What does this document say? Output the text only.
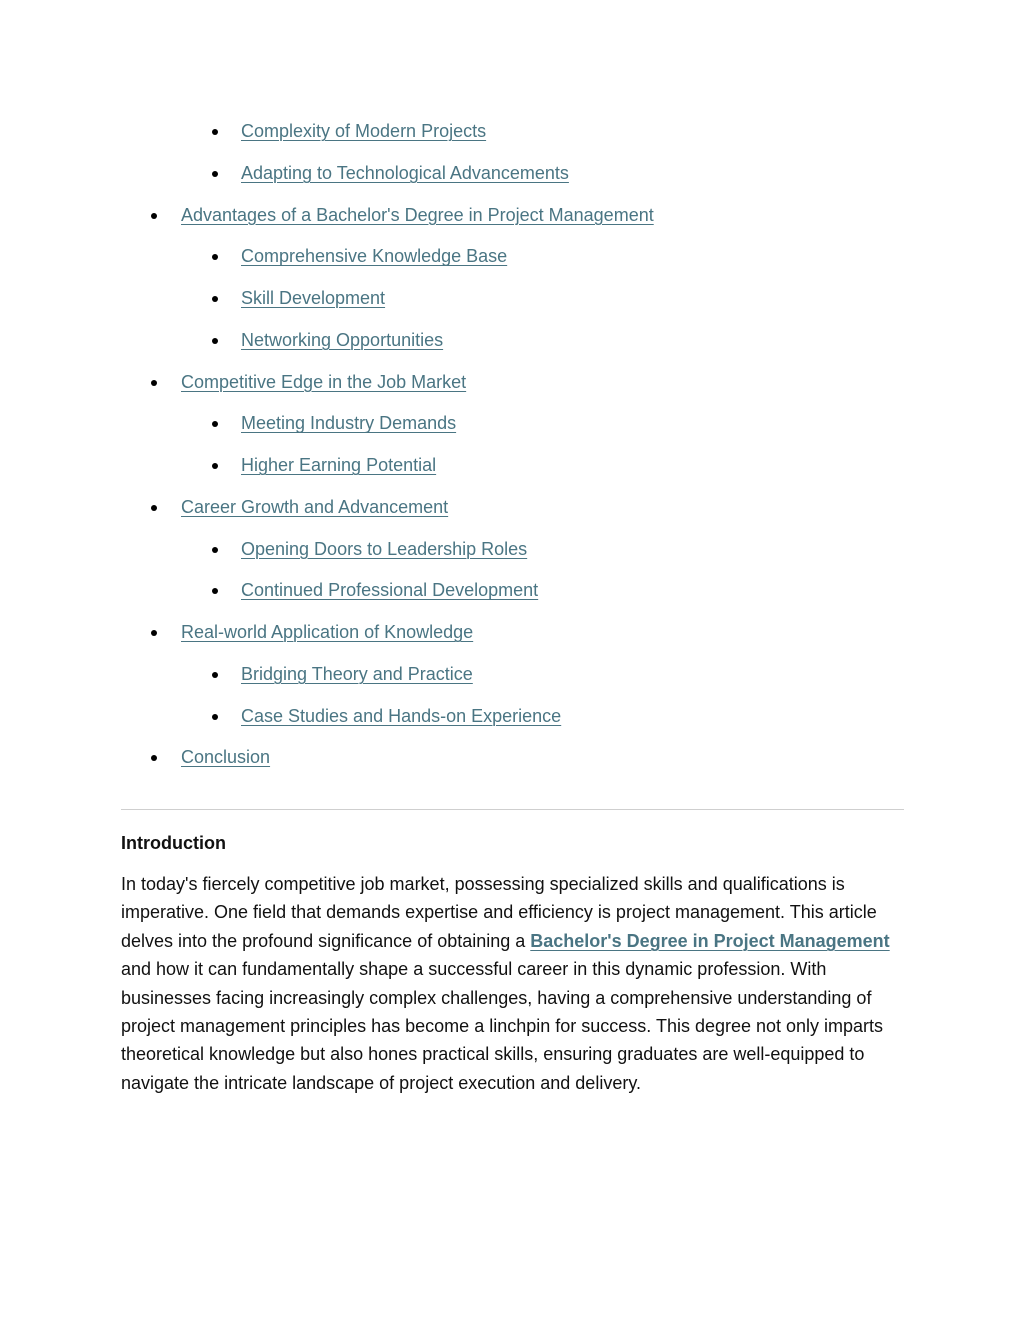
Complexity of Modern Projects
Adapting to Technological Advancements
Advantages of a Bachelor's Degree in Project Management
Comprehensive Knowledge Base
Skill Development
Networking Opportunities
Competitive Edge in the Job Market
Meeting Industry Demands
Higher Earning Potential
Career Growth and Advancement
Opening Doors to Leadership Roles
Continued Professional Development
Real-world Application of Knowledge
Bridging Theory and Practice
Case Studies and Hands-on Experience
Conclusion
Introduction

In today's fiercely competitive job market, possessing specialized skills and qualifications is imperative. One field that demands expertise and efficiency is project management. This article delves into the profound significance of obtaining a Bachelor's Degree in Project Management and how it can fundamentally shape a successful career in this dynamic profession. With businesses facing increasingly complex challenges, having a comprehensive understanding of project management principles has become a linchpin for success. This degree not only imparts theoretical knowledge but also hones practical skills, ensuring graduates are well-equipped to navigate the intricate landscape of project execution and delivery.
